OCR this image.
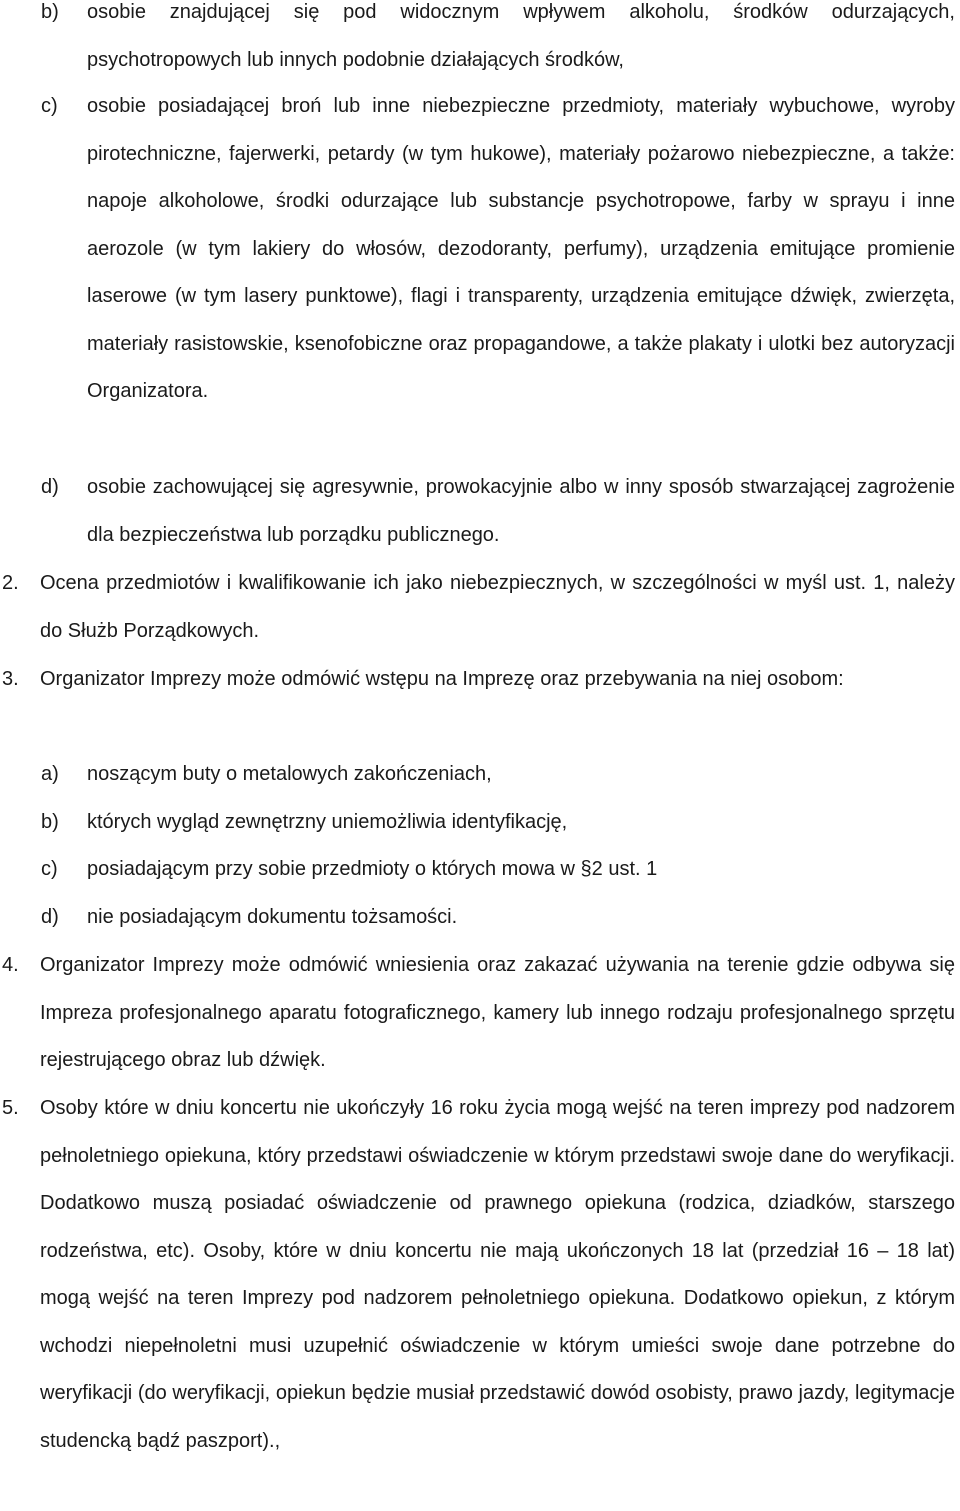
b) osobie znajdującej się pod widocznym wpływem alkoholu, środków odurzających, psychotropowych lub innych podobnie działających środków,
c) osobie posiadającej broń lub inne niebezpieczne przedmioty, materiały wybuchowe, wyroby pirotechniczne, fajerwerki, petardy (w tym hukowe), materiały pożarowo niebezpieczne, a także: napoje alkoholowe, środki odurzające lub substancje psychotropowe, farby w sprayu i inne aerozole (w tym lakiery do włosów, dezodoranty, perfumy), urządzenia emitujące promienie laserowe (w tym lasery punktowe), flagi i transparenty, urządzenia emitujące dźwięk, zwierzęta, materiały rasistowskie, ksenofobiczne oraz propagandowe, a także plakaty i ulotki bez autoryzacji Organizatora.
d) osobie zachowującej się agresywnie, prowokacyjnie albo w inny sposób stwarzającej zagrożenie dla bezpieczeństwa lub porządku publicznego.
2. Ocena przedmiotów i kwalifikowanie ich jako niebezpiecznych, w szczególności w myśl ust. 1, należy do Służb Porządkowych.
3. Organizator Imprezy może odmówić wstępu na Imprezę oraz przebywania na niej osobom:
a) noszącym buty o metalowych zakończeniach,
b) których wygląd zewnętrzny uniemożliwia identyfikację,
c) posiadającym przy sobie przedmioty o których mowa w §2 ust. 1
d) nie posiadającym dokumentu tożsamości.
4. Organizator Imprezy może odmówić wniesienia oraz zakazać używania na terenie gdzie odbywa się Impreza profesjonalnego aparatu fotograficznego, kamery lub innego rodzaju profesjonalnego sprzętu rejestrującego obraz lub dźwięk.
5. Osoby które w dniu koncertu nie ukończyły 16 roku życia mogą wejść na teren imprezy pod nadzorem pełnoletniego opiekuna, który przedstawi oświadczenie w którym przedstawi swoje dane do weryfikacji. Dodatkowo muszą posiadać oświadczenie od prawnego opiekuna (rodzica, dziadków, starszego rodzeństwa, etc). Osoby, które w dniu koncertu nie mają ukończonych 18 lat (przedział 16 – 18 lat) mogą wejść na teren Imprezy pod nadzorem pełnoletniego opiekuna. Dodatkowo opiekun, z którym wchodzi niepełnoletni musi uzupełnić oświadczenie w którym umieści swoje dane potrzebne do weryfikacji (do weryfikacji, opiekun będzie musiał przedstawić dowód osobisty, prawo jazdy, legitymacje studencką bądź paszport).,
